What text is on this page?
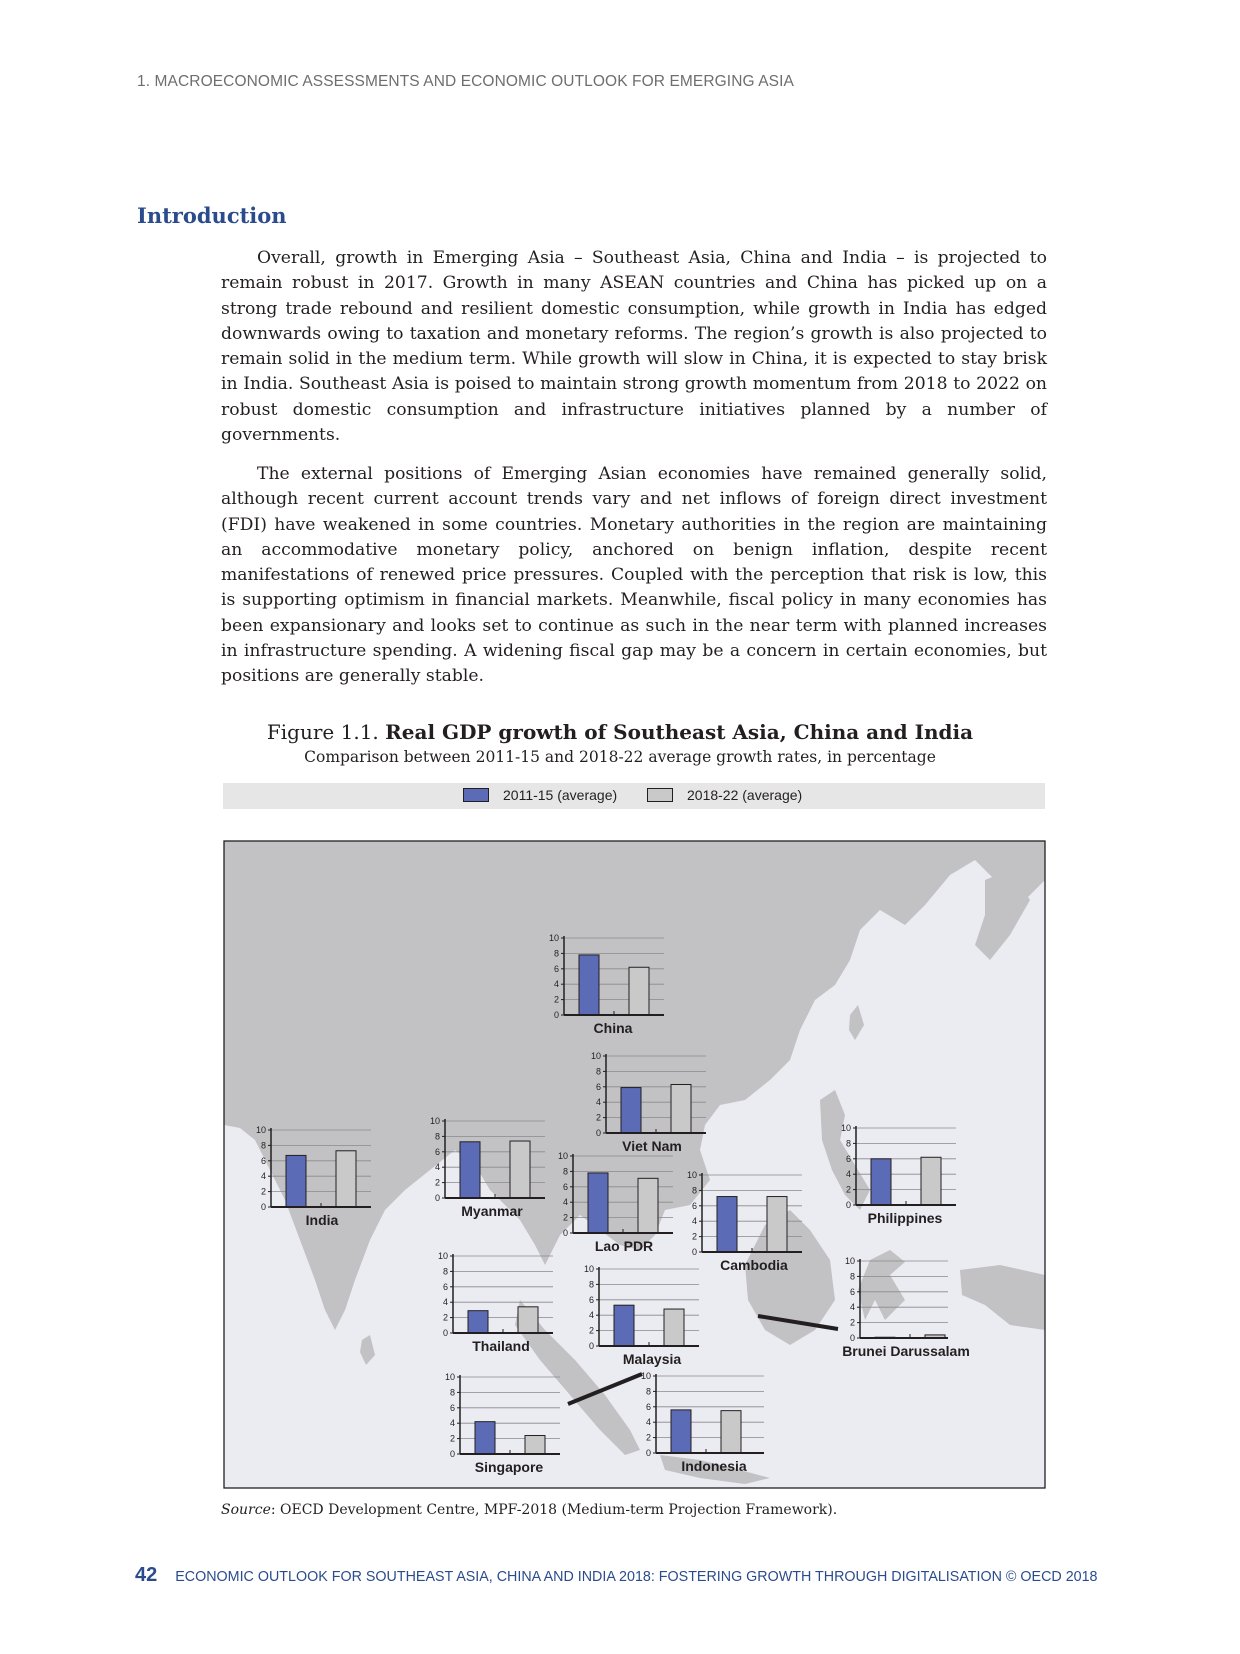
1. MACROECONOMIC ASSESSMENTS AND ECONOMIC OUTLOOK FOR EMERGING ASIA
Introduction

Overall, growth in Emerging Asia – Southeast Asia, China and India – is projected to remain robust in 2017. Growth in many ASEAN countries and China has picked up on a strong trade rebound and resilient domestic consumption, while growth in India has edged downwards owing to taxation and monetary reforms. The region’s growth is also projected to remain solid in the medium term. While growth will slow in China, it is expected to stay brisk in India. Southeast Asia is poised to maintain strong growth momentum from 2018 to 2022 on robust domestic consumption and infrastructure initiatives planned by a number of governments.

The external positions of Emerging Asian economies have remained generally solid, although recent current account trends vary and net inflows of foreign direct investment (FDI) have weakened in some countries. Monetary authorities in the region are maintaining an accommodative monetary policy, anchored on benign inflation, despite recent manifestations of renewed price pressures. Coupled with the perception that risk is low, this is supporting optimism in financial markets. Meanwhile, fiscal policy in many economies has been expansionary and looks set to continue as such in the near term with planned increases in infrastructure spending. A widening fiscal gap may be a concern in certain economies, but positions are generally stable.

Figure 1.1. Real GDP growth of Southeast Asia, China and India
Comparison between 2011-15 and 2018-22 average growth rates, in percentage
2011-15 (average)	2018-22 (average)
0
2
4
6
8
10
China
0
2
4
6
8
10
Viet Nam
0
2
4
6
8
10
India
0
2
4
6
8
10
Myanmar
0
2
4
6
8
10
Lao PDR	0
2
4
6
8
10
Cambodia
0
2
4
6
8
10
Philippines
0
2
4
6
8
10
Thailand	0
2
4
6
8
10
Malaysia
0
2
4
6
8
10
Brunei Darussalam
0
2
4
6
8
10
Singapore
0
2
4
6
8
10
Indonesia
Source: OECD Development Centre, MPF-2018 (Medium-term Projection Framework).
42 ECONOMIC OUTLOOK FOR SOUTHEAST ASIA, CHINA AND INDIA 2018: FOSTERING GROWTH THROUGH DIGITALISATION © OECD 2018
